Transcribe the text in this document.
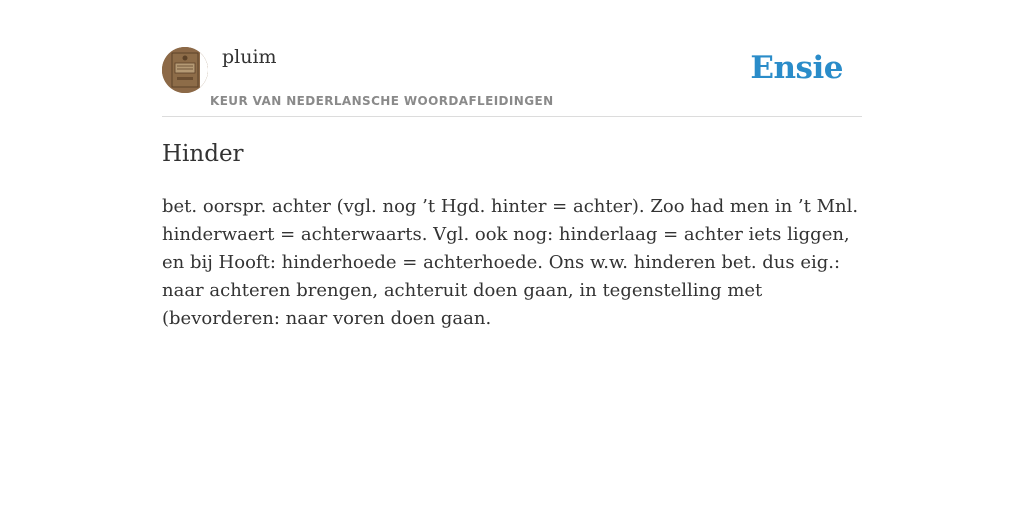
pluim
KEUR VAN NEDERLANSCHE WOORDAFLEIDINGEN
Ensie
Hinder

bet. oorspr. achter (vgl. nog ’t Hgd. hinter = achter). Zoo had men in ’t Mnl. hinderwaert = achterwaarts. Vgl. ook nog: hinderlaag = achter iets liggen, en bij Hooft: hinderhoede = achterhoede. Ons w.w. hinderen bet. dus eig.: naar achteren brengen, achteruit doen gaan, in tegenstelling met (bevorderen: naar voren doen gaan.
